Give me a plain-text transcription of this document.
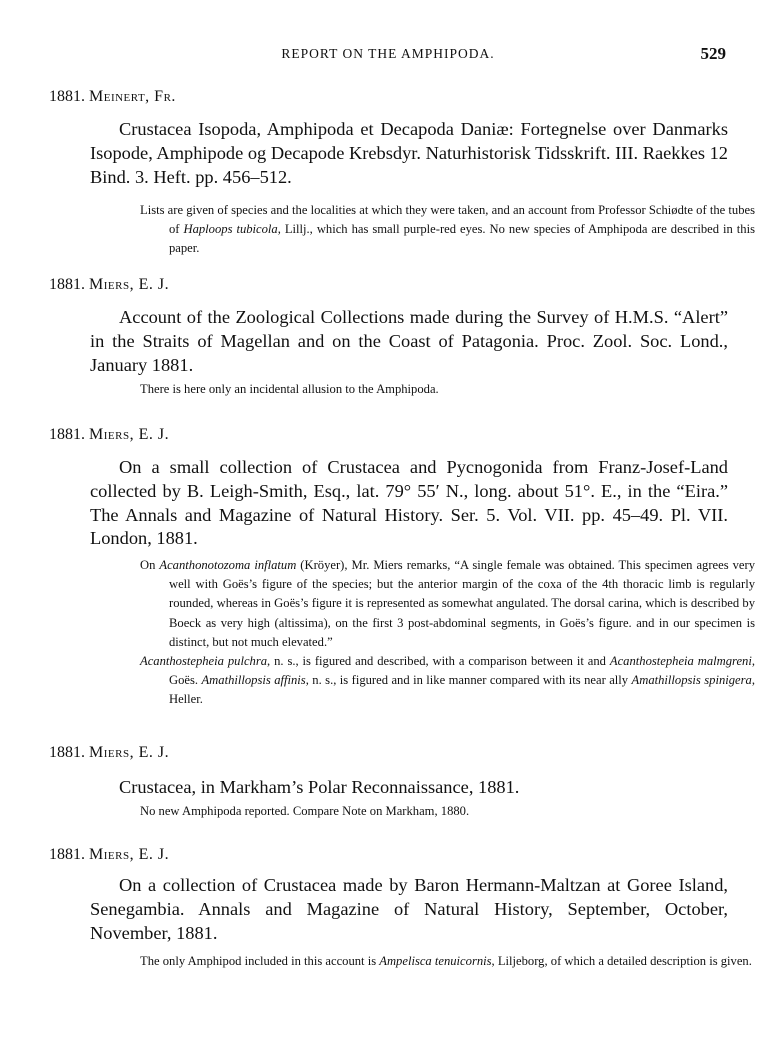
REPORT ON THE AMPHIPODA.	529
1881. Meinert, Fr.
Crustacea Isopoda, Amphipoda et Decapoda Daniæ: Fortegnelse over Danmarks Isopode, Amphipode og Decapode Krebsdyr. Naturhistorisk Tidsskrift. III. Raekkes 12 Bind. 3. Heft. pp. 456–512.
Lists are given of species and the localities at which they were taken, and an account from Professor Schiødte of the tubes of Haploops tubicola, Lillj., which has small purple-red eyes. No new species of Amphipoda are described in this paper.
1881. Miers, E. J.
Account of the Zoological Collections made during the Survey of H.M.S. “Alert” in the Straits of Magellan and on the Coast of Patagonia. Proc. Zool. Soc. Lond., January 1881.
There is here only an incidental allusion to the Amphipoda.
1881. Miers, E. J.
On a small collection of Crustacea and Pycnogonida from Franz-Josef-Land collected by B. Leigh-Smith, Esq., lat. 79° 55′ N., long. about 51°. E., in the “Eira.” The Annals and Magazine of Natural History. Ser. 5. Vol. VII. pp. 45–49. Pl. VII. London, 1881.

On Acanthonotozoma inflatum (Kröyer), Mr. Miers remarks, “A single female was obtained. This specimen agrees very well with Goës’s figure of the species; but the anterior margin of the coxa of the 4th thoracic limb is regularly rounded, whereas in Goës’s figure it is represented as somewhat angulated. The dorsal carina, which is described by Boeck as very high (altissima), on the first 3 post-abdominal segments, in Goës’s figure. and in our specimen is distinct, but not much elevated.”

Acanthostepheia pulchra, n. s., is figured and described, with a comparison between it and Acanthostepheia malmgreni, Goës. Amathillopsis affinis, n. s., is figured and in like manner compared with its near ally Amathillopsis spinigera, Heller.

1881. Miers, E. J.
Crustacea, in Markham’s Polar Reconnaissance, 1881.
No new Amphipoda reported. Compare Note on Markham, 1880.
1881. Miers, E. J.
On a collection of Crustacea made by Baron Hermann-Maltzan at Goree Island, Senegambia. Annals and Magazine of Natural History, September, October, November, 1881.
The only Amphipod included in this account is Ampelisca tenuicornis, Liljeborg, of which a detailed description is given.
